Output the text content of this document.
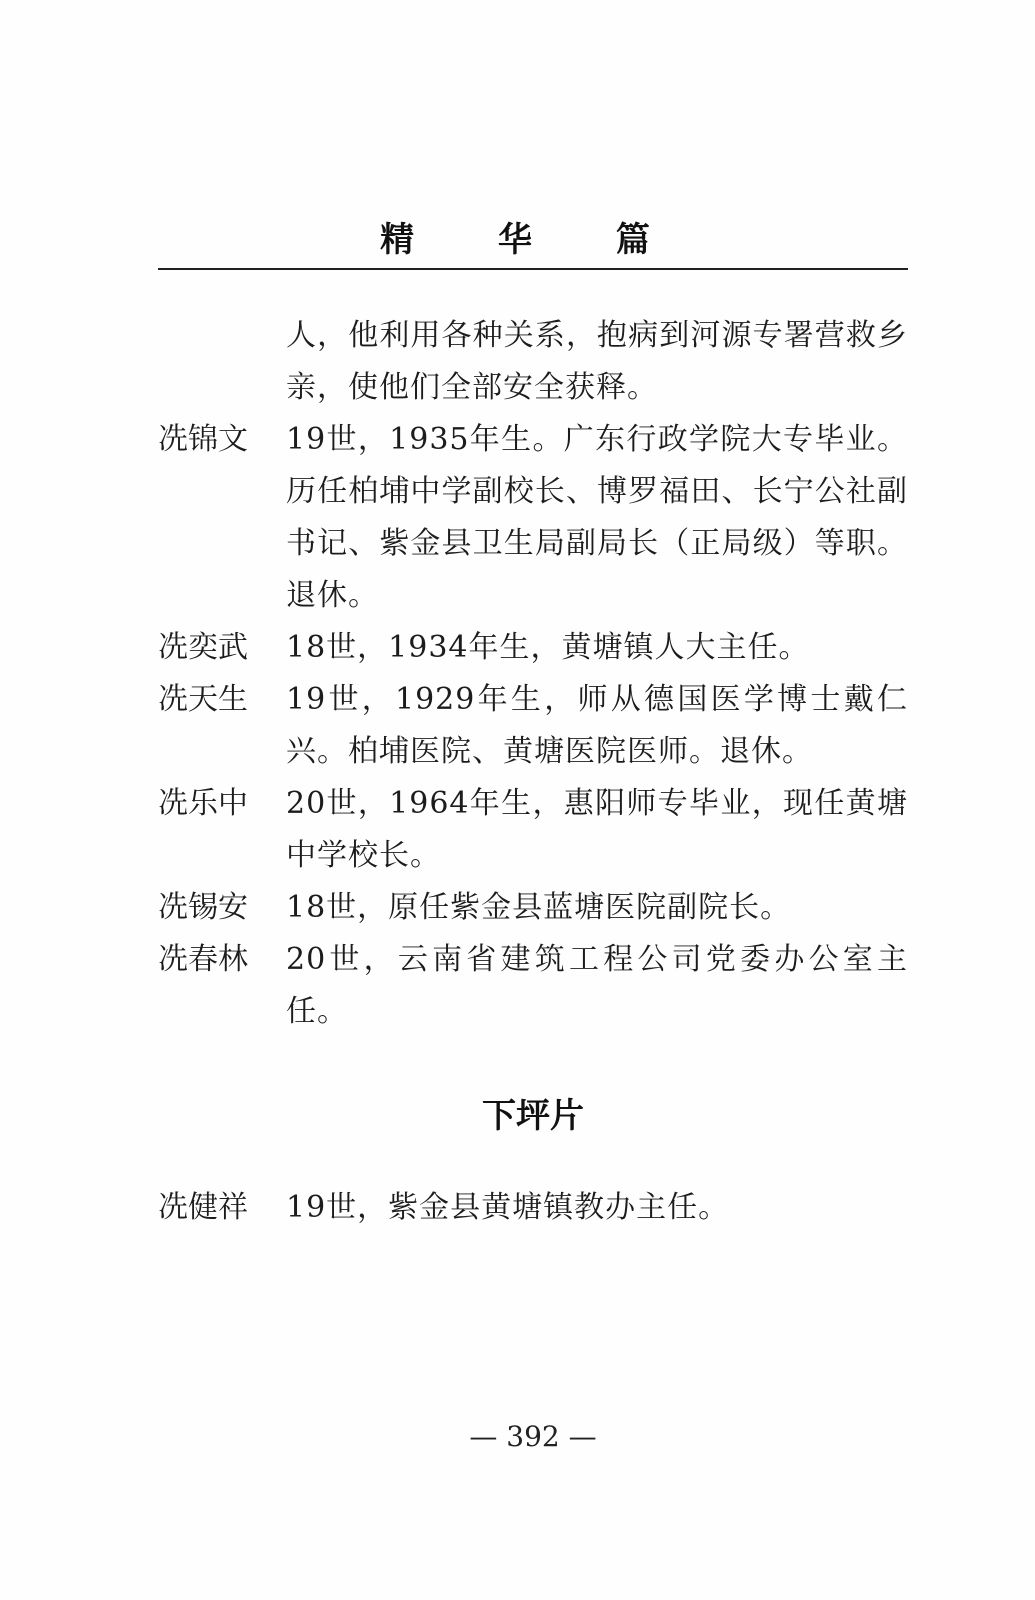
精 华 篇
人，他利用各种关系，抱病到河源专署营救乡亲，使他们全部安全获释。
冼锦文	19世，1935年生。广东行政学院大专毕业。历任柏埔中学副校长、博罗福田、长宁公社副书记、紫金县卫生局副局长（正局级）等职。退休。
冼奕武	18世，1934年生，黄塘镇人大主任。
冼天生	19世，1929年生，师从德国医学博士戴仁兴。柏埔医院、黄塘医院医师。退休。
冼乐中	20世，1964年生，惠阳师专毕业，现任黄塘中学校长。
冼锡安	18世，原任紫金县蓝塘医院副院长。
冼春林	20世，云南省建筑工程公司党委办公室主任。
下坪片
冼健祥	19世，紫金县黄塘镇教办主任。
— 392 —
